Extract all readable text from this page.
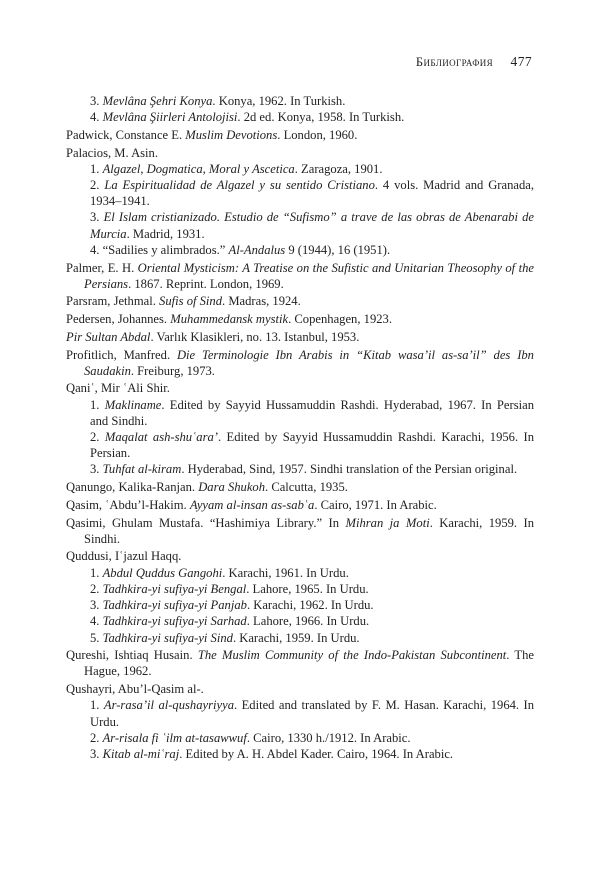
Библиография 477
3. Mevlâna Şehri Konya. Konya, 1962. In Turkish.
4. Mevlâna Şiirleri Antolojisi. 2d ed. Konya, 1958. In Turkish.
Padwick, Constance E. Muslim Devotions. London, 1960.
Palacios, M. Asin.
1. Algazel, Dogmatica, Moral y Ascetica. Zaragoza, 1901.
2. La Espiritualidad de Algazel y su sentido Cristiano. 4 vols. Madrid and Granada, 1934–1941.
3. El Islam cristianizado. Estudio de “Sufismo” a trave de las obras de Abenarabi de Murcia. Madrid, 1931.
4. “Sadilies y alimbrados.” Al-Andalus 9 (1944), 16 (1951).
Palmer, E. H. Oriental Mysticism: A Treatise on the Sufistic and Unitarian Theosophy of the Persians. 1867. Reprint. London, 1969.
Parsram, Jethmal. Sufis of Sind. Madras, 1924.
Pedersen, Johannes. Muhammedansk mystik. Copenhagen, 1923.
Pir Sultan Abdal. Varlık Klasikleri, no. 13. Istanbul, 1953.
Profitlich, Manfred. Die Terminologie Ibn Arabis in “Kitab wasa’il as-sa’il” des Ibn Saudakin. Freiburg, 1973.
Qaniʿ, Mir ʿAli Shir.
1. Makliname. Edited by Sayyid Hussamuddin Rashdi. Hyderabad, 1967. In Persian and Sindhi.
2. Maqalat ash-shuʿara’. Edited by Sayyid Hussamuddin Rashdi. Karachi, 1956. In Persian.
3. Tuhfat al-kiram. Hyderabad, Sind, 1957. Sindhi translation of the Persian original.
Qanungo, Kalika-Ranjan. Dara Shukoh. Calcutta, 1935.
Qasim, ʿAbdu’l-Hakim. Ayyam al-insan as-sabʿa. Cairo, 1971. In Arabic.
Qasimi, Ghulam Mustafa. “Hashimiya Library.” In Mihran ja Moti. Karachi, 1959. In Sindhi.
Quddusi, Iʿjazul Haqq.
1. Abdul Quddus Gangohi. Karachi, 1961. In Urdu.
2. Tadhkira-yi sufiya-yi Bengal. Lahore, 1965. In Urdu.
3. Tadhkira-yi sufiya-yi Panjab. Karachi, 1962. In Urdu.
4. Tadhkira-yi sufiya-yi Sarhad. Lahore, 1966. In Urdu.
5. Tadhkira-yi sufiya-yi Sind. Karachi, 1959. In Urdu.
Qureshi, Ishtiaq Husain. The Muslim Community of the Indo-Pakistan Subcontinent. The Hague, 1962.
Qushayri, Abu’l-Qasim al-.
1. Ar-rasa’il al-qushayriyya. Edited and translated by F. M. Hasan. Karachi, 1964. In Urdu.
2. Ar-risala fi ʿilm at-tasawwuf. Cairo, 1330 h./1912. In Arabic.
3. Kitab al-miʿraj. Edited by A. H. Abdel Kader. Cairo, 1964. In Arabic.
